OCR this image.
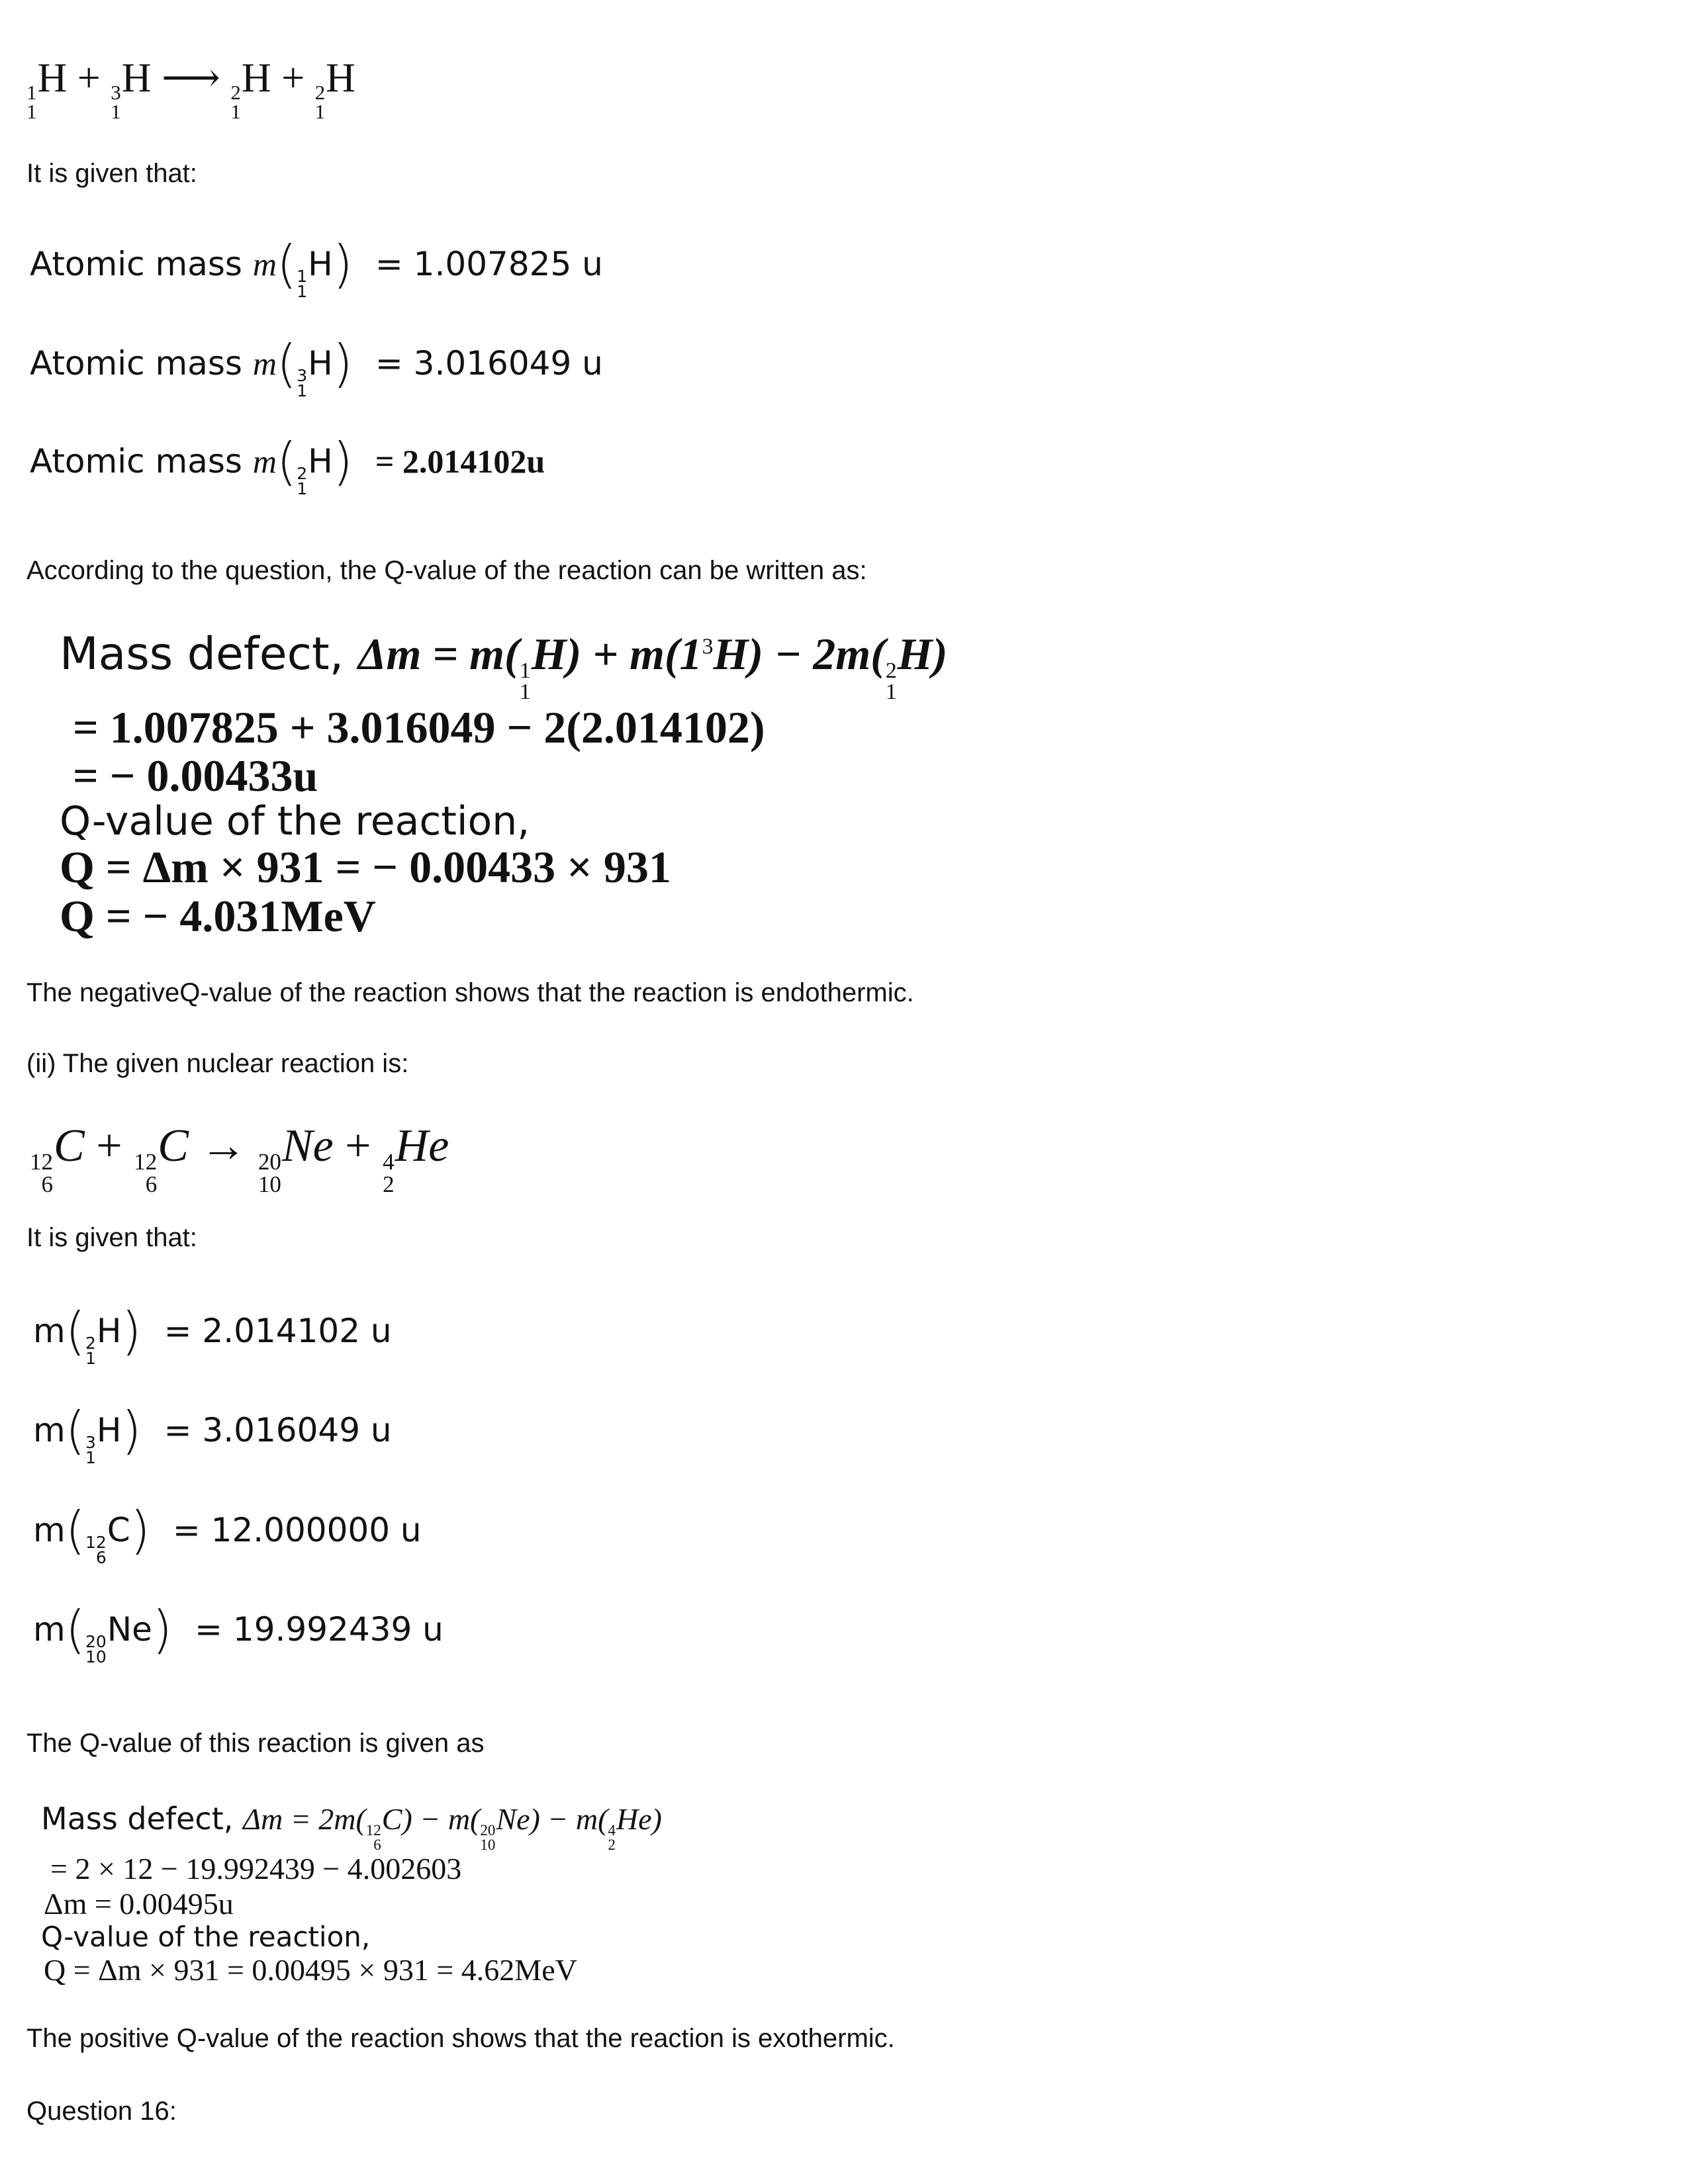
1
1
H + 3
1
H ⟶ 2
1
H + 2
1
H
It is given that:
Atomic mass m( 1
1
H) = 1.007825 u
Atomic mass m( 3
1
H) = 3.016049 u
Atomic mass m( 2
1
H) = 2.014102u
According to the question, the Q-value of the reaction can be written as:
Mass defect, Δm = m( 1
1
$H) + m(1^3H) - 2m$( 2
1
H)
= 1.007825 + 3.016049 − 2(2.014102)
= − 0.00433u
Q-value of the reaction,
Q = Δm × 931 = − 0.00433 × 931
Q = − 4.031MeV
The negativeQ-value of the reaction shows that the reaction is endothermic.
(ii) The given nuclear reaction is:
12
6
C + 12
6
C → 20
10
Ne + 4
2
He
It is given that:
m( 2
1
H) = 2.014102 u
m( 3
1
H) = 3.016049 u
m( 12
6
C) = 12.000000 u
m( 20
10
Ne) = 19.992439 u
The Q-value of this reaction is given as
Mass defect, Δm = 2m( 12
6
C) − m( 20
10
Ne) − m( 4
2
He)
= 2 × 12 − 19.992439 − 4.002603
Δm = 0.00495u
Q-value of the reaction,
Q = Δm × 931 = 0.00495 × 931 = 4.62MeV
The positive Q-value of the reaction shows that the reaction is exothermic.
Question 16:
